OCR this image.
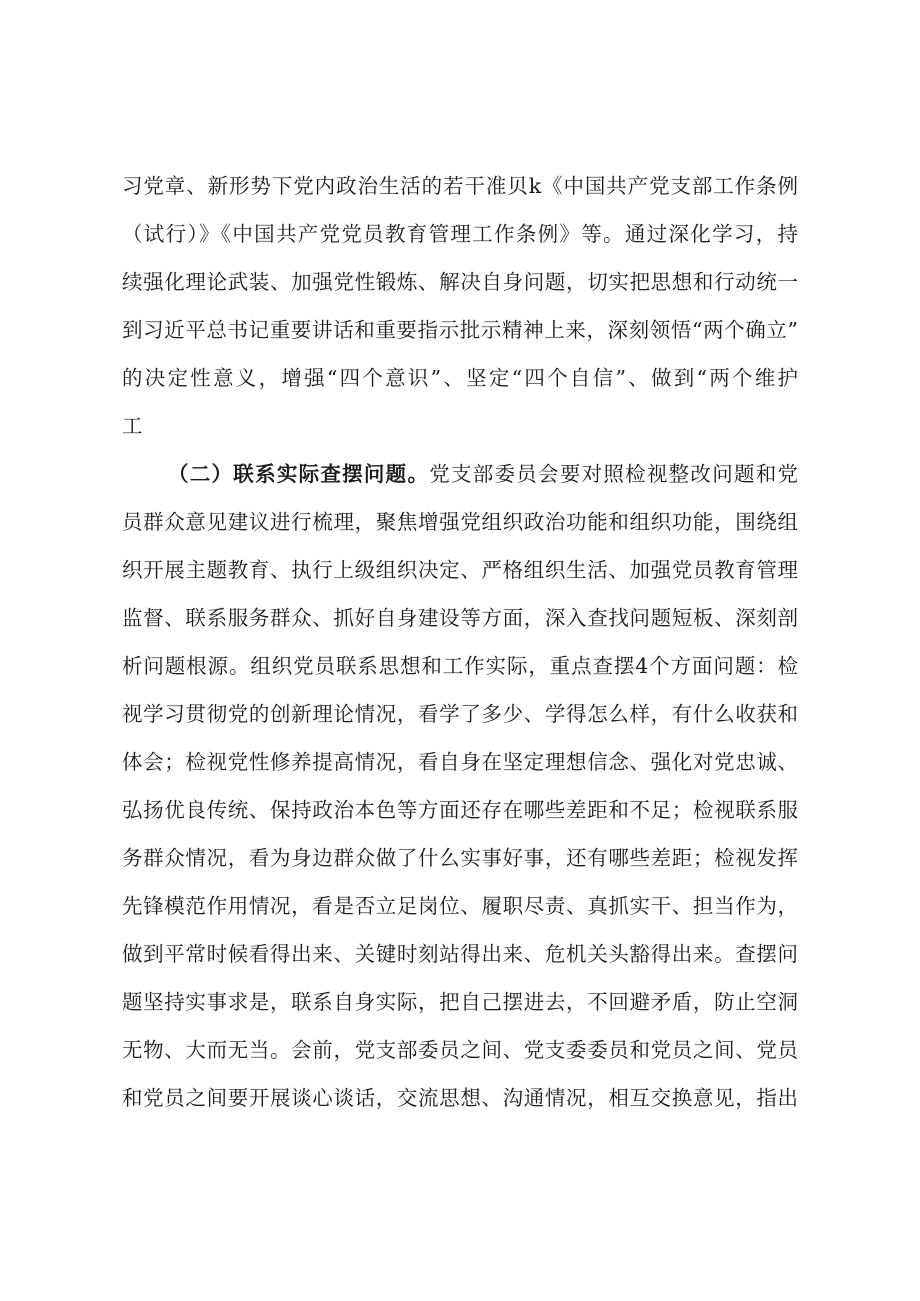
习党章、新形势下党内政治生活的若干准贝k《中国共产党支部工作条例
（试行）》《中国共产党党员教育管理工作条例》等。通过深化学习，持
续强化理论武装、加强党性锻炼、解决自身问题，切实把思想和行动统一
到习近平总书记重要讲话和重要指示批示精神上来，深刻领悟“两个确立”
的决定性意义，增强“四个意识”、坚定“四个自信”、做到“两个维护
工
（二）联系实际查摆问题。党支部委员会要对照检视整改问题和党
员群众意见建议进行梳理，聚焦增强党组织政治功能和组织功能，围绕组
织开展主题教育、执行上级组织决定、严格组织生活、加强党员教育管理
监督、联系服务群众、抓好自身建设等方面，深入查找问题短板、深刻剖
析问题根源。组织党员联系思想和工作实际，重点查摆4个方面问题：检
视学习贯彻党的创新理论情况，看学了多少、学得怎么样，有什么收获和
体会；检视党性修养提高情况，看自身在坚定理想信念、强化对党忠诚、
弘扬优良传统、保持政治本色等方面还存在哪些差距和不足；检视联系服
务群众情况，看为身边群众做了什么实事好事，还有哪些差距；检视发挥
先锋模范作用情况，看是否立足岗位、履职尽责、真抓实干、担当作为，
做到平常时候看得出来、关键时刻站得出来、危机关头豁得出来。查摆问
题坚持实事求是，联系自身实际，把自己摆进去，不回避矛盾，防止空洞
无物、大而无当。会前，党支部委员之间、党支委委员和党员之间、党员
和党员之间要开展谈心谈话，交流思想、沟通情况，相互交换意见，指出
